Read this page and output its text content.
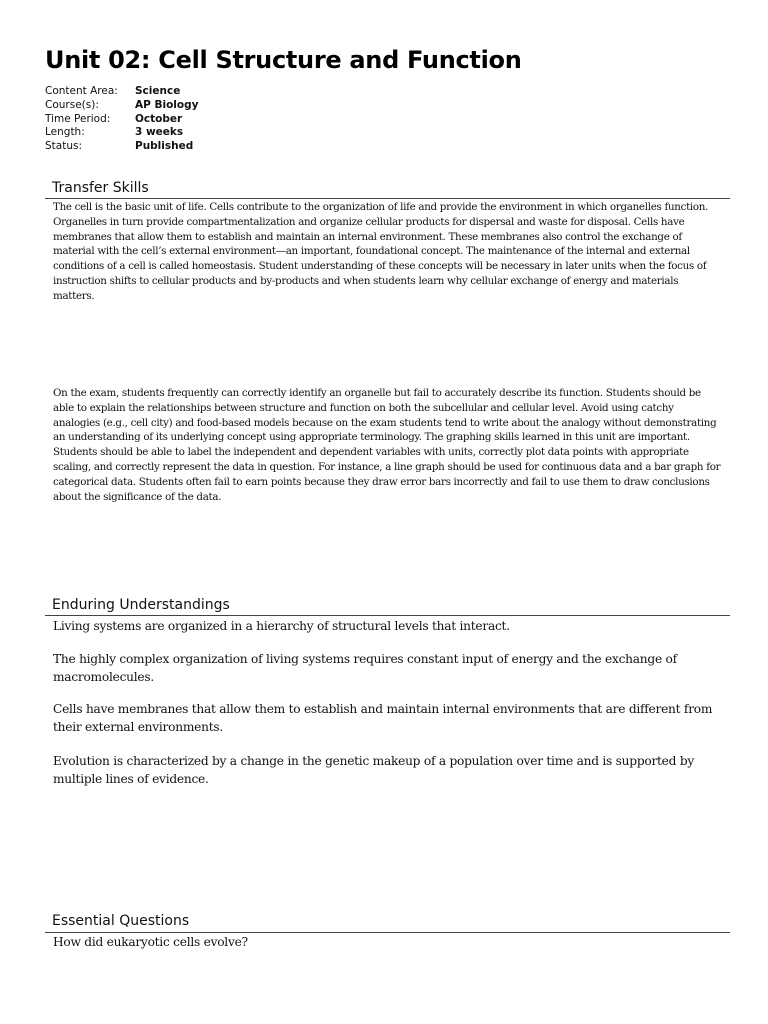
Unit 02: Cell Structure and Function
Content Area:	Science
Course(s):	AP Biology
Time Period:	October
Length:	3 weeks
Status:	Published
Transfer Skills

The cell is the basic unit of life. Cells contribute to the organization of life and provide the environment in which organelles function. Organelles in turn provide compartmentalization and organize cellular products for dispersal and waste for disposal. Cells have membranes that allow them to establish and maintain an internal environment. These membranes also control the exchange of material with the cell’s external environment—an important, foundational concept. The maintenance of the internal and external conditions of a cell is called homeostasis. Student understanding of these concepts will be necessary in later units when the focus of instruction shifts to cellular products and by-products and when students learn why cellular exchange of energy and materials matters.

On the exam, students frequently can correctly identify an organelle but fail to accurately describe its function. Students should be able to explain the relationships between structure and function on both the subcellular and cellular level. Avoid using catchy analogies (e.g., cell city) and food-based models because on the exam students tend to write about the analogy without demonstrating an understanding of its underlying concept using appropriate terminology. The graphing skills learned in this unit are important. Students should be able to label the independent and dependent variables with units, correctly plot data points with appropriate scaling, and correctly represent the data in question. For instance, a line graph should be used for continuous data and a bar graph for categorical data. Students often fail to earn points because they draw error bars incorrectly and fail to use them to draw conclusions about the significance of the data.

Enduring Understandings

Living systems are organized in a hierarchy of structural levels that interact.

The highly complex organization of living systems requires constant input of energy and the exchange of macromolecules.

Cells have membranes that allow them to establish and maintain internal environments that are different from their external environments.

Evolution is characterized by a change in the genetic makeup of a population over time and is supported by multiple lines of evidence.

Essential Questions

How did eukaryotic cells evolve?
